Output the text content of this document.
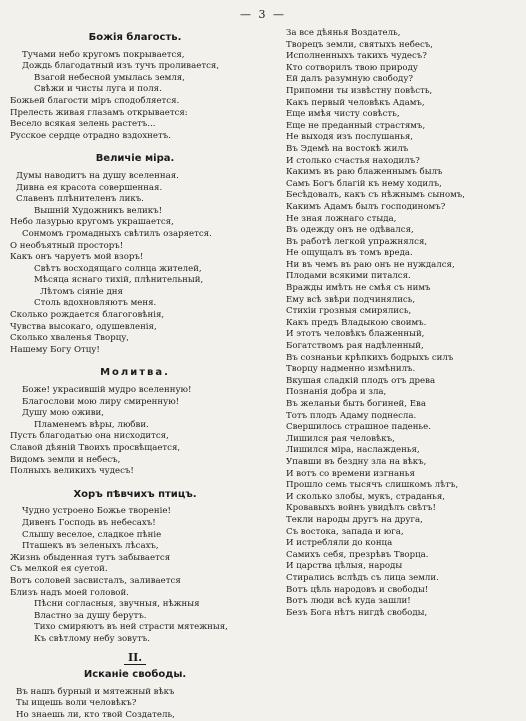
— 3 —
Божія благость.
Тучами небо кругомъ покрывается,
Дождь благодатный изъ тучъ проливается,
Взагой небесной умылась земля,
Свѣжи и чисты луга и поля.
Божьей благости міръ сподобляется.
Прелесть живая глазамъ открывается:
Весело всякая зелень растетъ...
Русское сердце отрадно вздохнетъ.
Величіе міра.
Думы наводитъ на душу вселенная.
Дивна ея красота совершенная.
Славенъ плѣнителенъ ликъ.
Вышній Художникъ великъ!
Небо лазурью кругомъ украшается,
Сонмомъ громадныхъ свѣтилъ озаряется.
О необъятный просторъ!
Какъ онъ чаруетъ мой взоръ!
Свѣтъ восходящаго солнца жителей,
Мѣсяца яснаго тихій, плѣнительный,
Лѣтомъ сіяніе дня
Столь вдохновляютъ меня.
Сколько рождается благоговѣнія,
Чувства высокаго, одушевленія,
Сколько хваленья Творцу,
Нашему Богу Отцу!
Молитва.
Боже! украсившій мудро вселенную!
Благослови мою лиру смиренную!
Душу мою оживи,
Пламенемъ вѣры, любви.
Пусть благодатью она нисходится,
Славой дѣяній Твоихъ просвѣщается,
Видомъ земли и небесъ,
Полныхъ великихъ чудесъ!
Хоръ пѣвчихъ птицъ.
Чудно устроено Божье твореніе!
Дивенъ Господь въ небесахъ!
Слышу веселое, сладкое пѣніе
Пташекъ въ зеленыхъ лѣсахъ,
Жизнь обыденная тутъ забывается
Съ мелкой ея суетой.
Вотъ соловей засвисталъ, заливается
Близъ надъ моей головой.
Пѣсни согласныя, звучныя, нѣжныя
Властно за душу берутъ.
Тихо смиряютъ въ ней страсти мятежныя,
Къ свѣтлому небу зовутъ.
II.
Исканіе свободы.
Въ нашъ бурный и мятежный вѣкъ
Ты ищешь воли человѣкъ?
Но знаешь ли, кто твой Создатель,
За все дѣянья Воздатель,
Творецъ земли, святыхъ небесъ,
Исполненныхъ такихъ чудесъ?
Кто сотворилъ твою природу
Ей далъ разумную свободу?
Припомни ты извѣстну повѣсть,
Какъ первый человѣкъ Адамъ,
Еще имѣя чисту совѣсть,
Еще не преданный страстямъ,
Не выходя изъ послушанья,
Въ Эдемѣ на востокѣ жилъ
И столько счастья находилъ?
Какимъ въ раю блаженнымъ былъ
Самъ Богъ благій къ нему ходилъ,
Бесѣдовалъ, какъ съ нѣжнымъ сыномъ,
Какимъ Адамъ былъ господиномъ?
Не зная ложнаго стыда,
Въ одежду онъ не одѣвался,
Въ работѣ легкой упражнялся,
Не ощущалъ въ томъ вреда.
Ни въ чемъ въ раю онъ не нуждался,
Плодами всякими питался.
Вражды имѣть не смѣя съ нимъ
Ему всѣ звѣри подчинялись,
Стихіи грозныя смирялись,
Какъ предъ Владыкою своимъ.
И этотъ человѣкъ блаженный,
Богатствомъ рая надѣленный,
Въ сознаньи крѣпкихъ бодрыхъ силъ
Творцу надменно измѣнилъ.
Вкушая сладкій плодъ отъ древа
Познанія добра и зла,
Въ желаньи быть богиней, Ева
Тотъ плодъ Адаму поднесла.
Свершилось страшное паденье.
Лишился рая человѣкъ,
Лишился міра, наслажденья,
Упавши въ бездну зла на вѣкъ,
И вотъ со времени изгнанья
Прошло семь тысячъ слишкомъ лѣтъ,
И сколько злобы, мукъ, страданья,
Кровавыхъ войнъ увидѣлъ свѣтъ!
Текли народы другъ на друга,
Съ востока, запада и юга,
И истребляли до конца
Самихъ себя, презрѣвъ Творца.
И царства цѣлыя, народы
Стирались вслѣдъ съ лица земли.
Вотъ цѣль народовъ и свободы!
Вотъ люди всѣ куда зашли!
Безъ Бога нѣтъ нигдѣ свободы,
